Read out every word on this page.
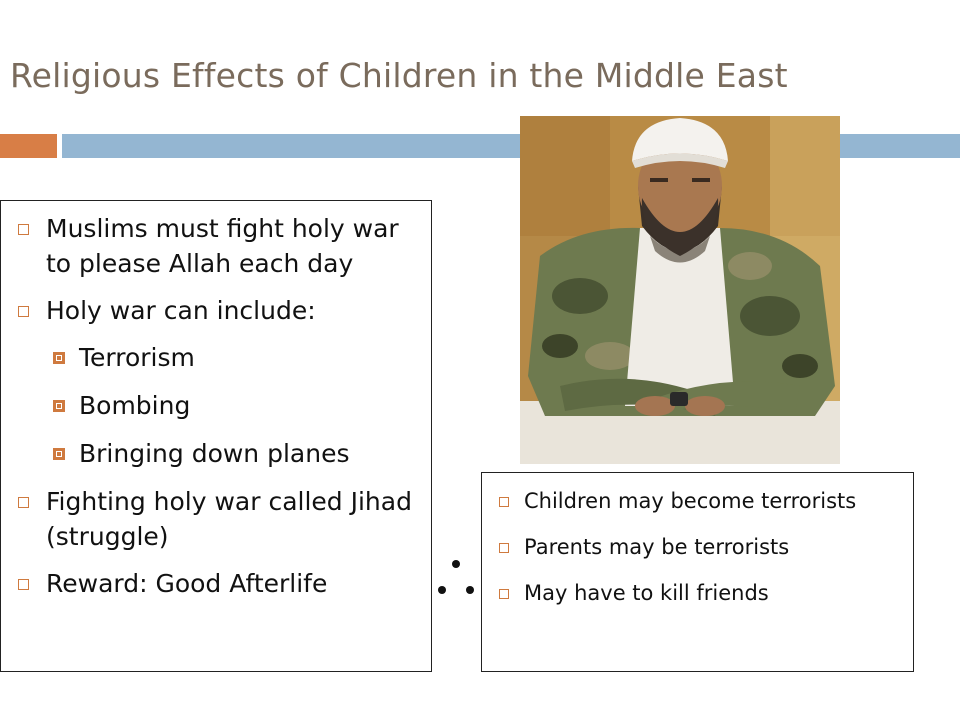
Religious Effects of Children in the Middle East
Muslims must fight holy war to please Allah each day
Holy war can include:
Terrorism
Bombing
Bringing down planes
Fighting holy war called Jihad (struggle)
Reward: Good Afterlife
Children may become terrorists
Parents may be terrorists
May have to kill friends
